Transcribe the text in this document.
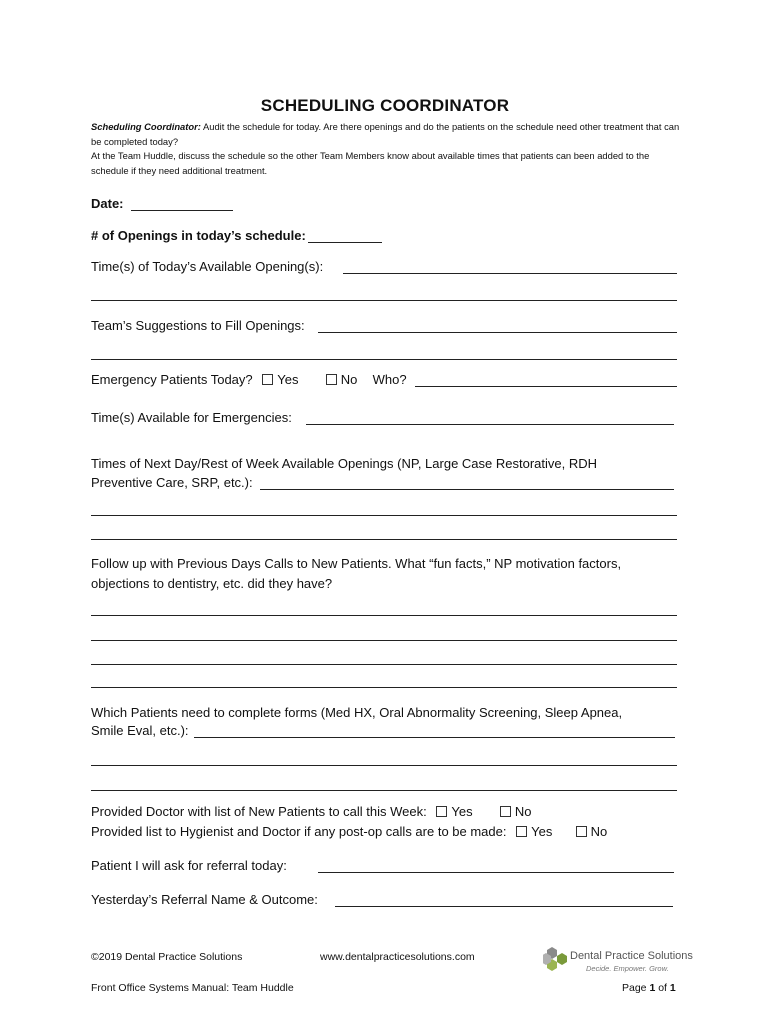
SCHEDULING COORDINATOR
Scheduling Coordinator: Audit the schedule for today. Are there openings and do the patients on the schedule need other treatment that can be completed today?
At the Team Huddle, discuss the schedule so the other Team Members know about available times that patients can been added to the schedule if they need additional treatment.
Date:
# of Openings in today’s schedule:
Time(s) of Today’s Available Opening(s):
Team’s Suggestions to Fill Openings:
Emergency Patients Today? Yes	No Who?
Time(s) Available for Emergencies:
Times of Next Day/Rest of Week Available Openings (NP, Large Case Restorative, RDH
Preventive Care, SRP, etc.):
Follow up with Previous Days Calls to New Patients. What “fun facts,” NP motivation factors,
objections to dentistry, etc. did they have?
Which Patients need to complete forms (Med HX, Oral Abnormality Screening, Sleep Apnea,
Smile Eval, etc.):
Provided Doctor with list of New Patients to call this Week: Yes	No
Provided list to Hygienist and Doctor if any post-op calls are to be made: Yes	No
Patient I will ask for referral today:
Yesterday’s Referral Name & Outcome:
©2019 Dental Practice Solutions	www.dentalpracticesolutions.com	Dental Practice Solutions
Decide. Empower. Grow.
Front Office Systems Manual: Team Huddle	Page 1 of 1
